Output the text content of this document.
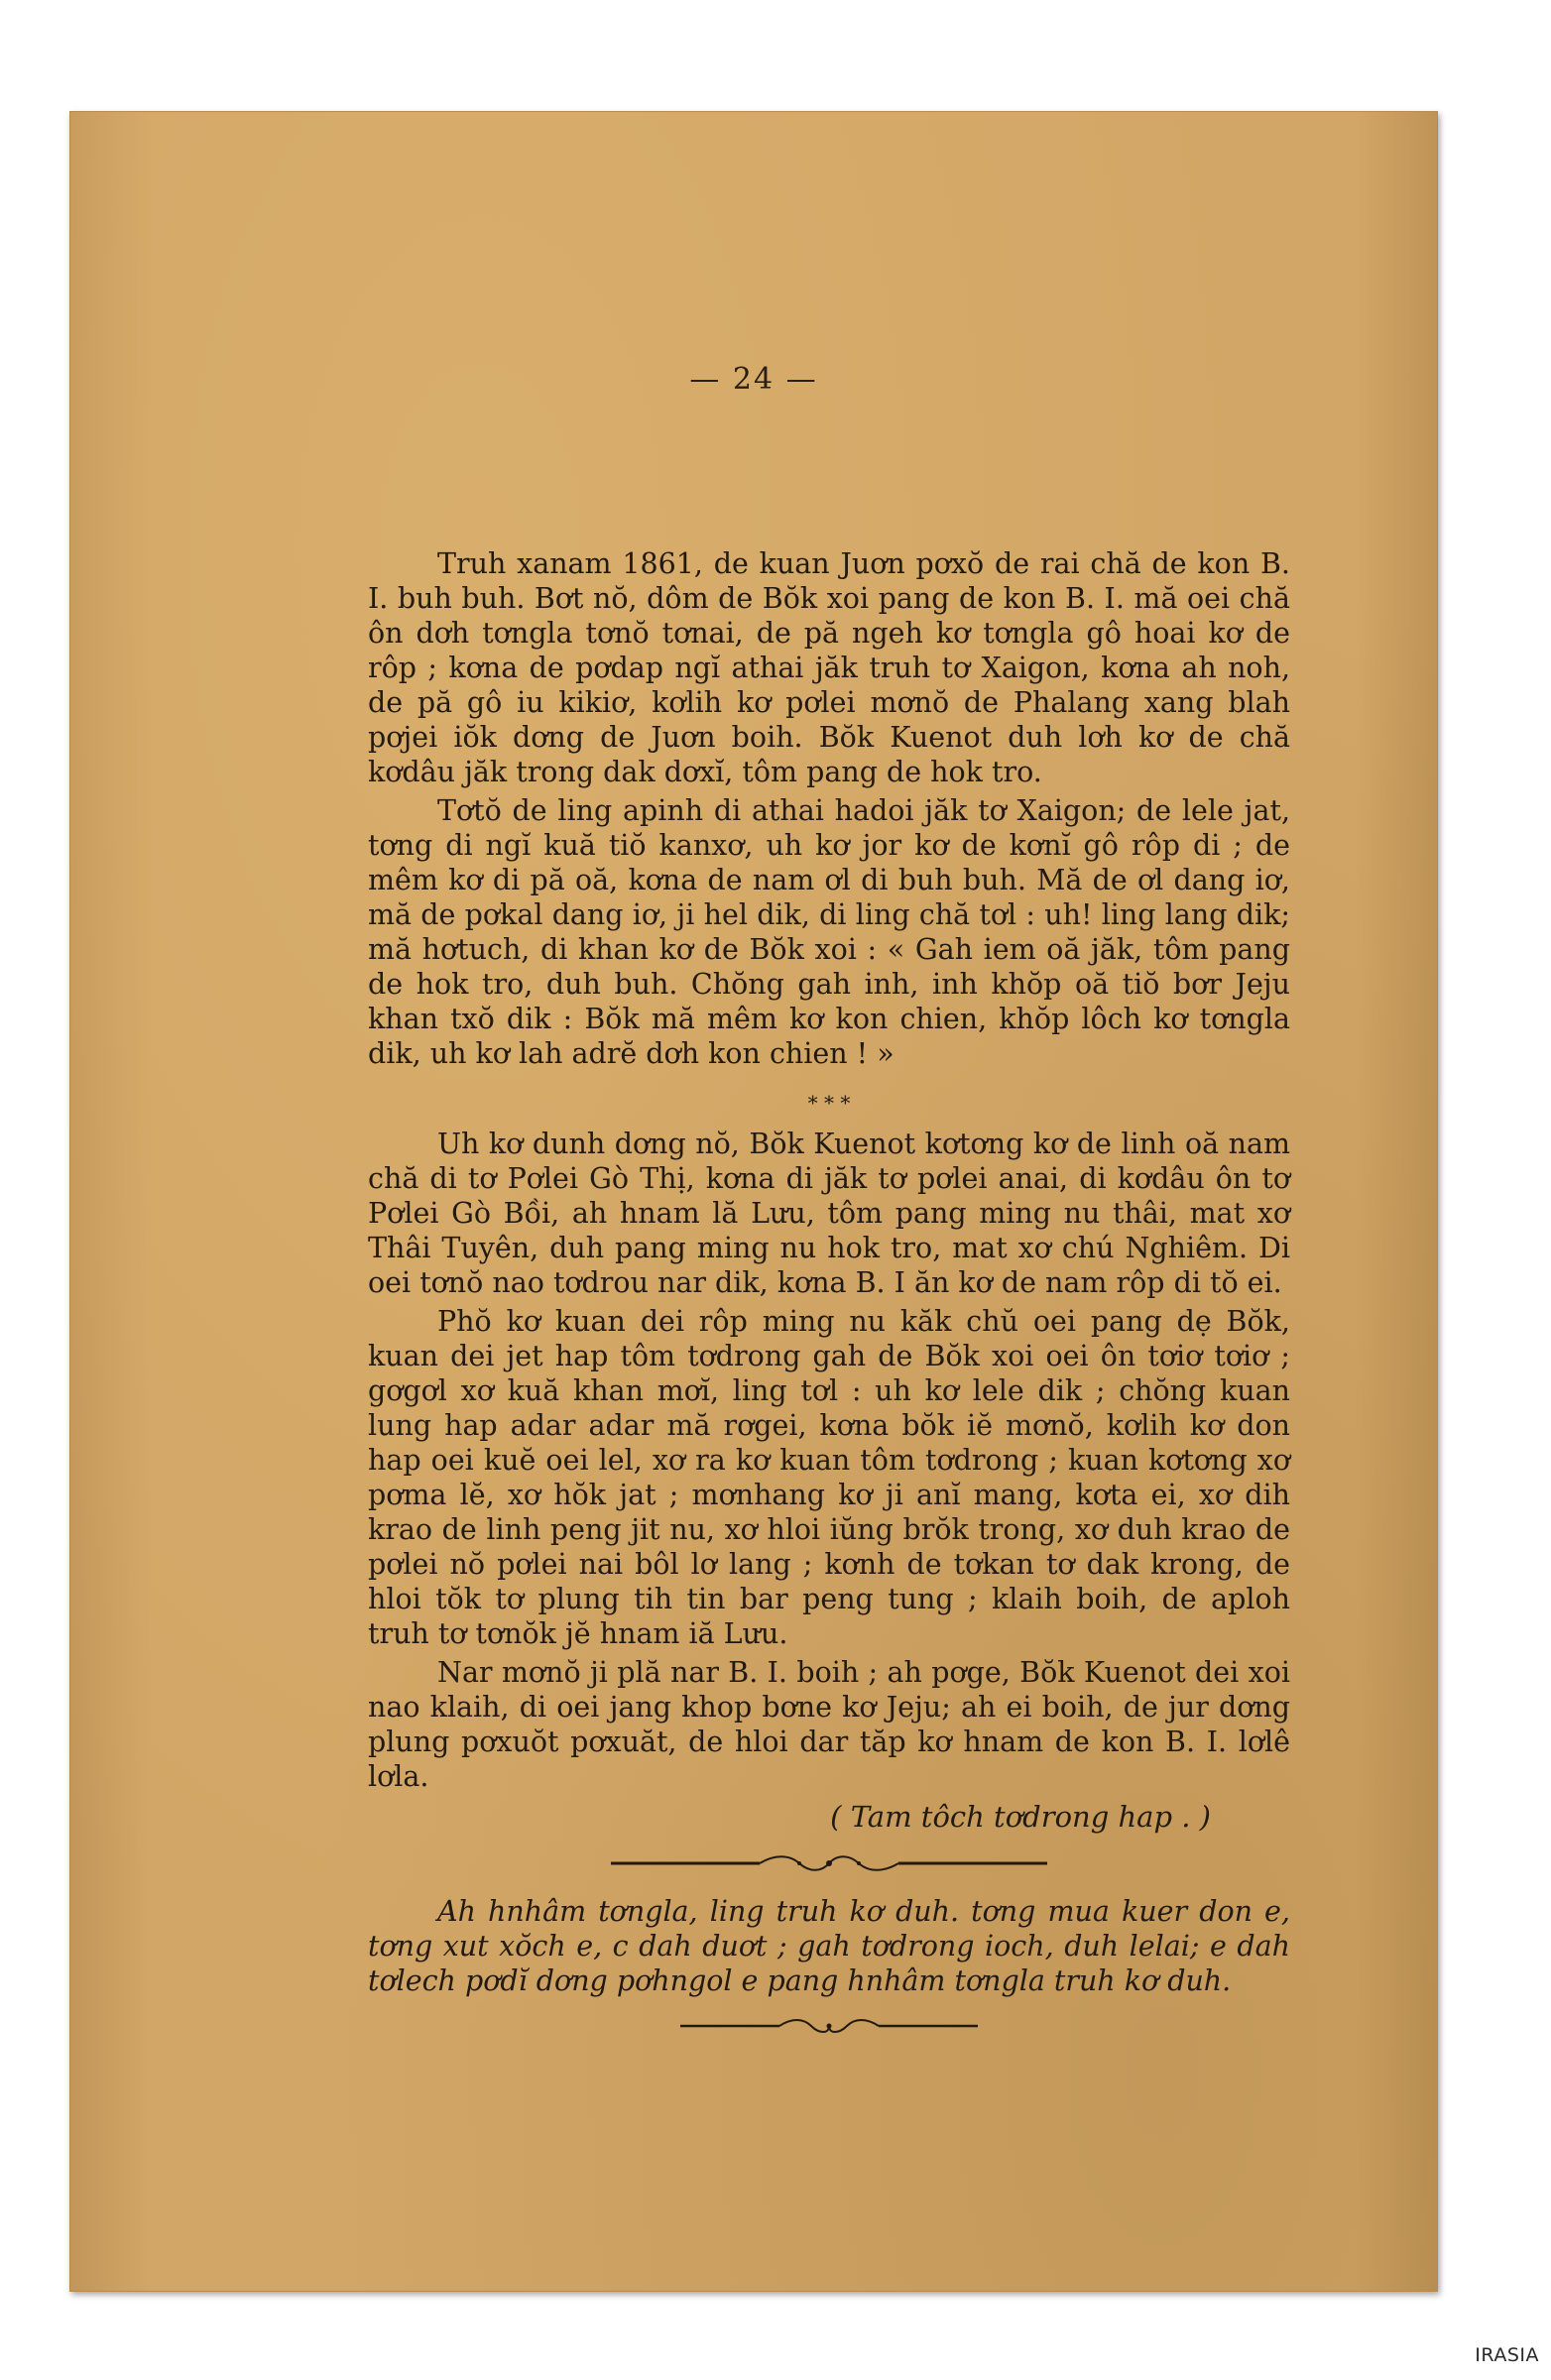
— 24 —

Truh xanam 1861, de kuan Juơn pơxŏ de rai chă de kon B. I. buh buh. Bơt nŏ, dôm de Bŏk xoi pang de kon B. I. mă oei chă ôn dơh tơngla tơnŏ tơnai, de pă ngeh kơ tơngla gô hoai kơ de rôp ; kơna de pơdap ngĭ athai jăk truh tơ Xaigon, kơna ah noh, de pă gô iu kikiơ, kơlih kơ pơlei mơnŏ de Phalang xang blah pơjei iŏk dơng de Juơn boih. Bŏk Kuenot duh lơh kơ de chă kơdâu jăk trong dak dơxĭ, tôm pang de hok tro.

Tơtŏ de ling apinh di athai hadoi jăk tơ Xaigon; de lele jat, tơng di ngĭ kuă tiŏ kanxơ, uh kơ jor kơ de kơnĭ gô rôp di ; de mêm kơ di pă oă, kơna de nam ơl di buh buh. Mă de ơl dang iơ, mă de pơkal dang iơ, ji hel dik, di ling chă tơl : uh! ling lang dik; mă hơtuch, di khan kơ de Bŏk xoi : « Gah iem oă jăk, tôm pang de hok tro, duh buh. Chŏng gah inh, inh khŏp oă tiŏ bơr Jeju khan txŏ dik : Bŏk mă mêm kơ kon chien, khŏp lôch kơ tơngla dik, uh kơ lah adrĕ dơh kon chien ! »

⁎ ⁎ ⁎

Uh kơ dunh dơng nŏ, Bŏk Kuenot kơtơng kơ de linh oă nam chă di tơ Pơlei Gò Thị, kơna di jăk tơ pơlei anai, di kơdâu ôn tơ Pơlei Gò Bồi, ah hnam lă Lưu, tôm pang ming nu thâi, mat xơ Thâi Tuyên, duh pang ming nu hok tro, mat xơ chú Nghiêm. Di oei tơnŏ nao tơdrou nar dik, kơna B. I ăn kơ de nam rôp di tŏ ei.

Phŏ kơ kuan dei rôp ming nu kăk chŭ oei pang dẹ Bŏk, kuan dei jet hap tôm tơdrong gah de Bŏk xoi oei ôn tơiơ tơiơ ; gơgơl xơ kuă khan mơĭ, ling tơl : uh kơ lele dik ; chŏng kuan lung hap adar adar mă rơgei, kơna bŏk iĕ mơnŏ, kơlih kơ don hap oei kuĕ oei lel, xơ ra kơ kuan tôm tơdrong ; kuan kơtơng xơ pơma lĕ, xơ hŏk jat ; mơnhang kơ ji anĭ mang, kơta ei, xơ dih krao de linh peng jit nu, xơ hloi iŭng brŏk trong, xơ duh krao de pơlei nŏ pơlei nai bôl lơ lang ; kơnh de tơkan tơ dak krong, de hloi tŏk tơ plung tih tin bar peng tung ; klaih boih, de aploh truh tơ tơnŏk jĕ hnam iă Lưu.

Nar mơnŏ ji plă nar B. I. boih ; ah pơge, Bŏk Kuenot dei xoi nao klaih, di oei jang khop bơne kơ Jeju; ah ei boih, de jur dơng plung pơxuŏt pơxuăt, de hloi dar tăp kơ hnam de kon B. I. lơlê lơla.

( Tam tôch tơdrong hap . )

Ah hnhâm tơngla, ling truh kơ duh. tơng mua kuer don e, tơng xut xŏch e, c dah duơt ; gah tơdrong ioch, duh lelai; e dah tơlech pơdĭ dơng pơhngol e pang hnhâm tơngla truh kơ duh.

IRASIA
